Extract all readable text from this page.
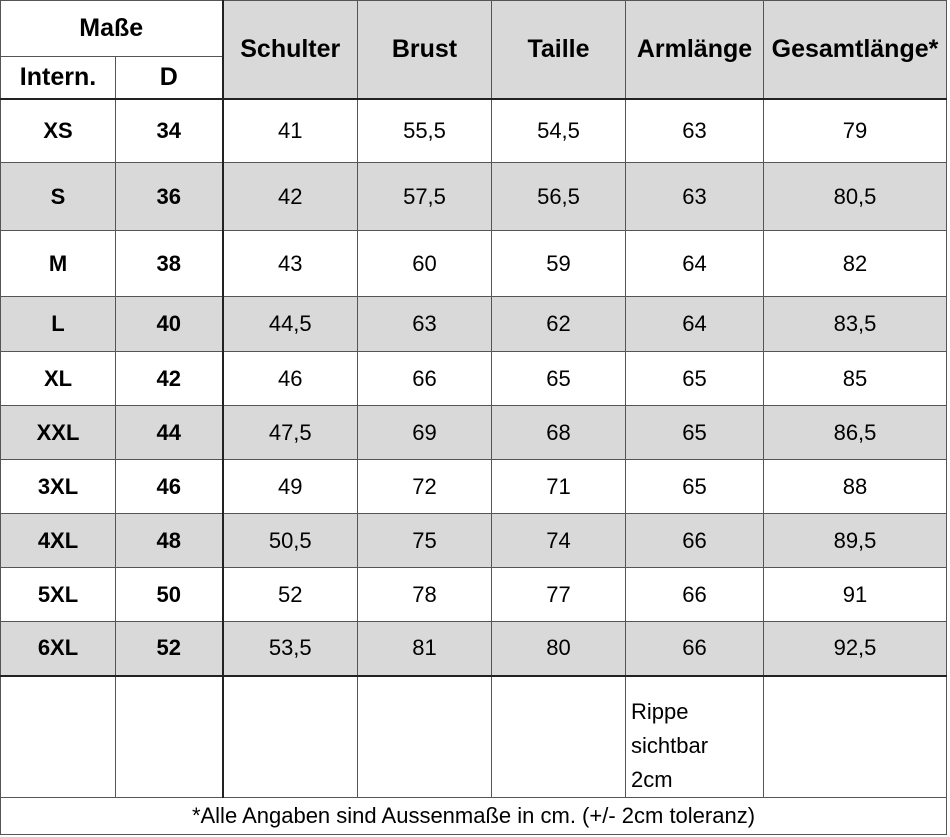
Maße		Schulter	Brust	Taille	Armlänge	Gesamtlänge*
Intern.	D					
XS	34	41	55,5	54,5	63	79
S	36	42	57,5	56,5	63	80,5
M	38	43	60	59	64	82
L	40	44,5	63	62	64	83,5
XL	42	46	66	65	65	85
XXL	44	47,5	69	68	65	86,5
3XL	46	49	72	71	65	88
4XL	48	50,5	75	74	66	89,5
5XL	50	52	78	77	66	91
6XL	52	53,5	81	80	66	92,5

					Rippe
sichtbar
2cm	

*Alle Angaben sind Aussenmaße in cm. (+/- 2cm toleranz)						
